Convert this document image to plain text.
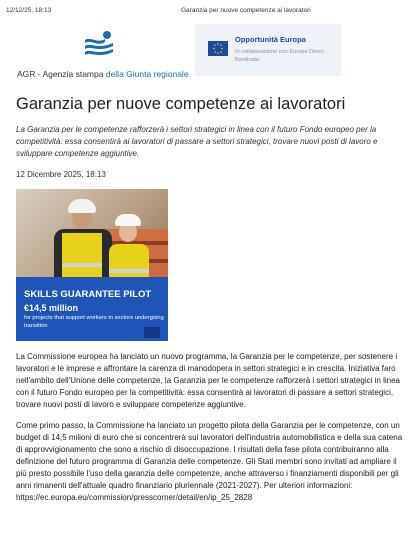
12/12/25, 18:13	Garanzia per nuove competenze ai lavoratori
AGR - Agenzia stampa della Giunta regionale
Opportunità Europa
In collaborazione con Europe Direct Basilicata
Garanzia per nuove competenze ai lavoratori
La Garanzia per le competenze rafforzerà i settori strategici in linea con il futuro Fondo europeo per la competitività: essa consentirà ai lavoratori di passare a settori strategici, trovare nuovi posti di lavoro e sviluppare competenze aggiuntive.
12 Dicembre 2025, 18:13
SKILLS GUARANTEE PILOT
€14,5 million
for projects that support workers in sectors undergoing transition

La Commissione europea ha lanciato un nuovo programma, la Garanzia per le competenze, per sostenere i lavoratori e le imprese e affrontare la carenza di manodopera in settori strategici e in crescita. Iniziativa faro nell'ambito dell'Unione delle competenze, la Garanzia per le competenze rafforzerà i settori strategici in linea con il futuro Fondo europeo per la competitività: essa consentirà ai lavoratori di passare a settori strategici, trovare nuovi posti di lavoro e sviluppare competenze aggiuntive.

Come primo passo, la Commissione ha lanciato un progetto pilota della Garanzia per le competenze, con un budget di 14,5 milioni di euro che si concentrerà sui lavoratori dell'industria automobilistica e della sua catena di approvvigionamento che sono a rischio di disoccupazione. I risultati della fase pilota contribuiranno alla definizione del futuro programma di Garanzia delle competenze. Gli Stati membri sono invitati ad ampliare il più presto possibile l'uso della garanzia delle competenze, anche attraverso i finanziamenti disponibili per gli anni rimanenti dell'attuale quadro finanziario pluriennale (2021-2027). Per ulteriori informazioni:

https://ec.europa.eu/commission/presscorner/detail/en/ip_25_2828
